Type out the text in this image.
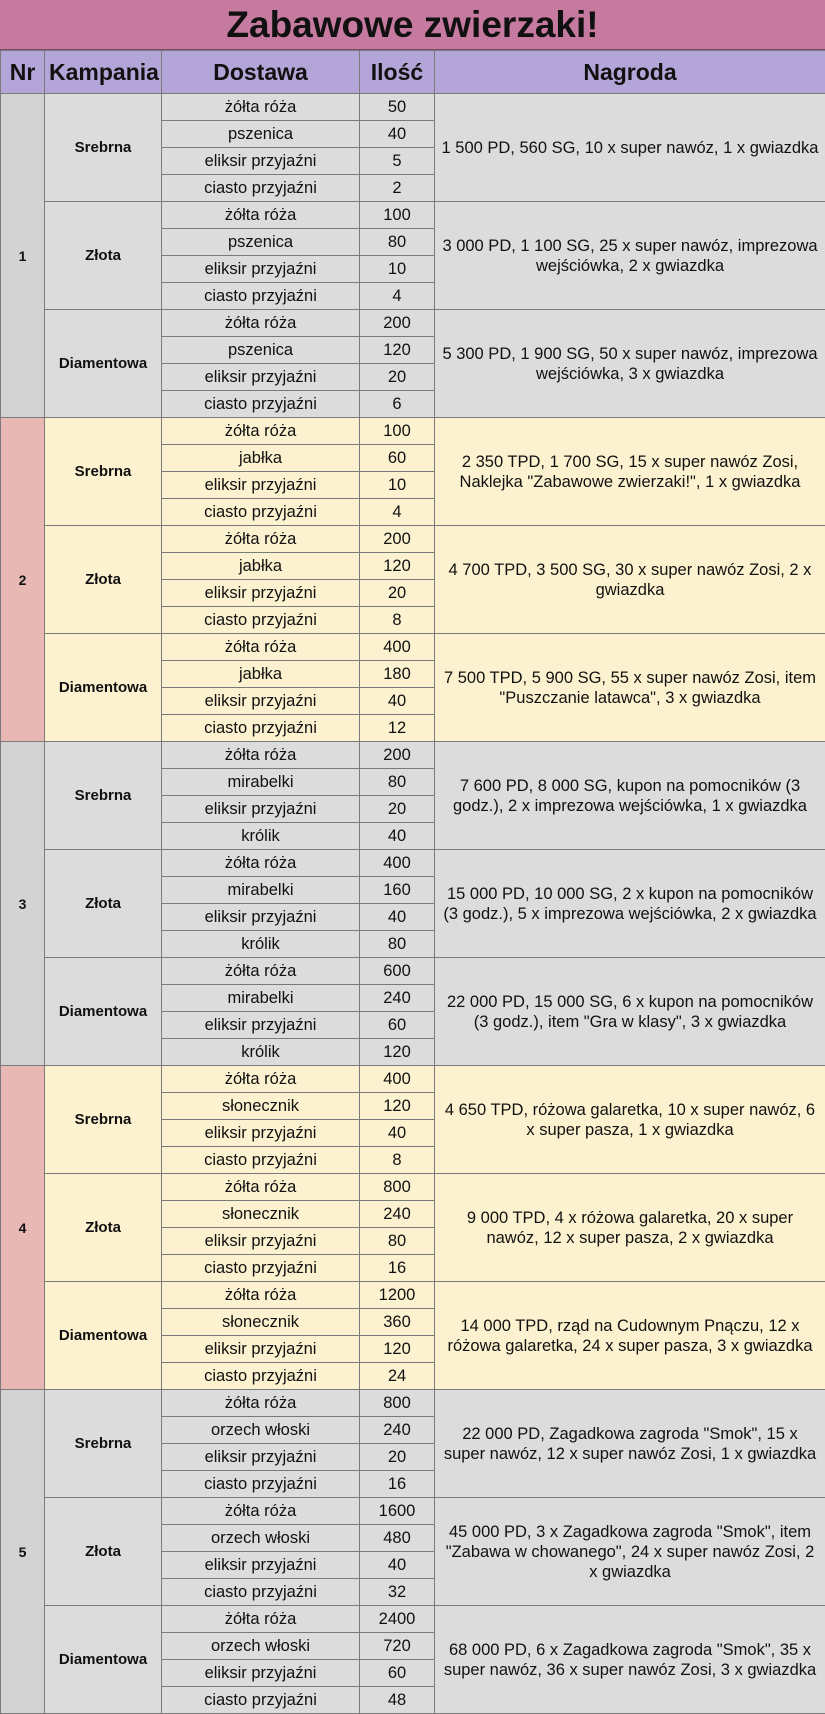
Zabawowe zwierzaki!
Nr	Kampania	Dostawa	Ilość	Nagroda
1	Srebrna	żółta róża	50	1 500 PD, 560 SG, 10 x super nawóz, 1 x gwiazdka
		pszenica	40	
		eliksir przyjaźni	5	
		ciasto przyjaźni	2	
	Złota	żółta róża	100	3 000 PD, 1 100 SG, 25 x super nawóz, imprezowa wejściówka, 2 x gwiazdka
		pszenica	80	
		eliksir przyjaźni	10	
		ciasto przyjaźni	4	
	Diamentowa	żółta róża	200	5 300 PD, 1 900 SG, 50 x super nawóz, imprezowa wejściówka, 3 x gwiazdka
		pszenica	120	
		eliksir przyjaźni	20	
		ciasto przyjaźni	6	
2	Srebrna	żółta róża	100	2 350 TPD, 1 700 SG, 15 x super nawóz Zosi, Naklejka "Zabawowe zwierzaki!", 1 x gwiazdka
		jabłka	60	
		eliksir przyjaźni	10	
		ciasto przyjaźni	4	
	Złota	żółta róża	200	4 700 TPD, 3 500 SG, 30 x super nawóz Zosi, 2 x gwiazdka
		jabłka	120	
		eliksir przyjaźni	20	
		ciasto przyjaźni	8	
	Diamentowa	żółta róża	400	7 500 TPD, 5 900 SG, 55 x super nawóz Zosi, item "Puszczanie latawca", 3 x gwiazdka
		jabłka	180	
		eliksir przyjaźni	40	
		ciasto przyjaźni	12	
3	Srebrna	żółta róża	200	7 600 PD, 8 000 SG, kupon na pomocników (3 godz.), 2 x imprezowa wejściówka, 1 x gwiazdka
		mirabelki	80	
		eliksir przyjaźni	20	
		królik	40	
	Złota	żółta róża	400	15 000 PD, 10 000 SG, 2 x kupon na pomocników (3 godz.), 5 x imprezowa wejściówka, 2 x gwiazdka
		mirabelki	160	
		eliksir przyjaźni	40	
		królik	80	
	Diamentowa	żółta róża	600	22 000 PD, 15 000 SG, 6 x kupon na pomocników (3 godz.), item "Gra w klasy", 3 x gwiazdka
		mirabelki	240	
		eliksir przyjaźni	60	
		królik	120	
4	Srebrna	żółta róża	400	4 650 TPD, różowa galaretka, 10 x super nawóz, 6 x super pasza, 1 x gwiazdka
		słonecznik	120	
		eliksir przyjaźni	40	
		ciasto przyjaźni	8	
	Złota	żółta róża	800	9 000 TPD, 4 x różowa galaretka, 20 x super nawóz, 12 x super pasza, 2 x gwiazdka
		słonecznik	240	
		eliksir przyjaźni	80	
		ciasto przyjaźni	16	
	Diamentowa	żółta róża	1200	14 000 TPD, rząd na Cudownym Pnączu, 12 x różowa galaretka, 24 x super pasza, 3 x gwiazdka
		słonecznik	360	
		eliksir przyjaźni	120	
		ciasto przyjaźni	24	
5	Srebrna	żółta róża	800	22 000 PD, Zagadkowa zagroda "Smok", 15 x super nawóz, 12 x super nawóz Zosi, 1 x gwiazdka
		orzech włoski	240	
		eliksir przyjaźni	20	
		ciasto przyjaźni	16	
	Złota	żółta róża	1600	45 000 PD, 3 x Zagadkowa zagroda "Smok", item "Zabawa w chowanego", 24 x super nawóz Zosi, 2 x gwiazdka
		orzech włoski	480	
		eliksir przyjaźni	40	
		ciasto przyjaźni	32	
	Diamentowa	żółta róża	2400	68 000 PD, 6 x Zagadkowa zagroda "Smok", 35 x super nawóz, 36 x super nawóz Zosi, 3 x gwiazdka
		orzech włoski	720	
		eliksir przyjaźni	60	
		ciasto przyjaźni	48	
